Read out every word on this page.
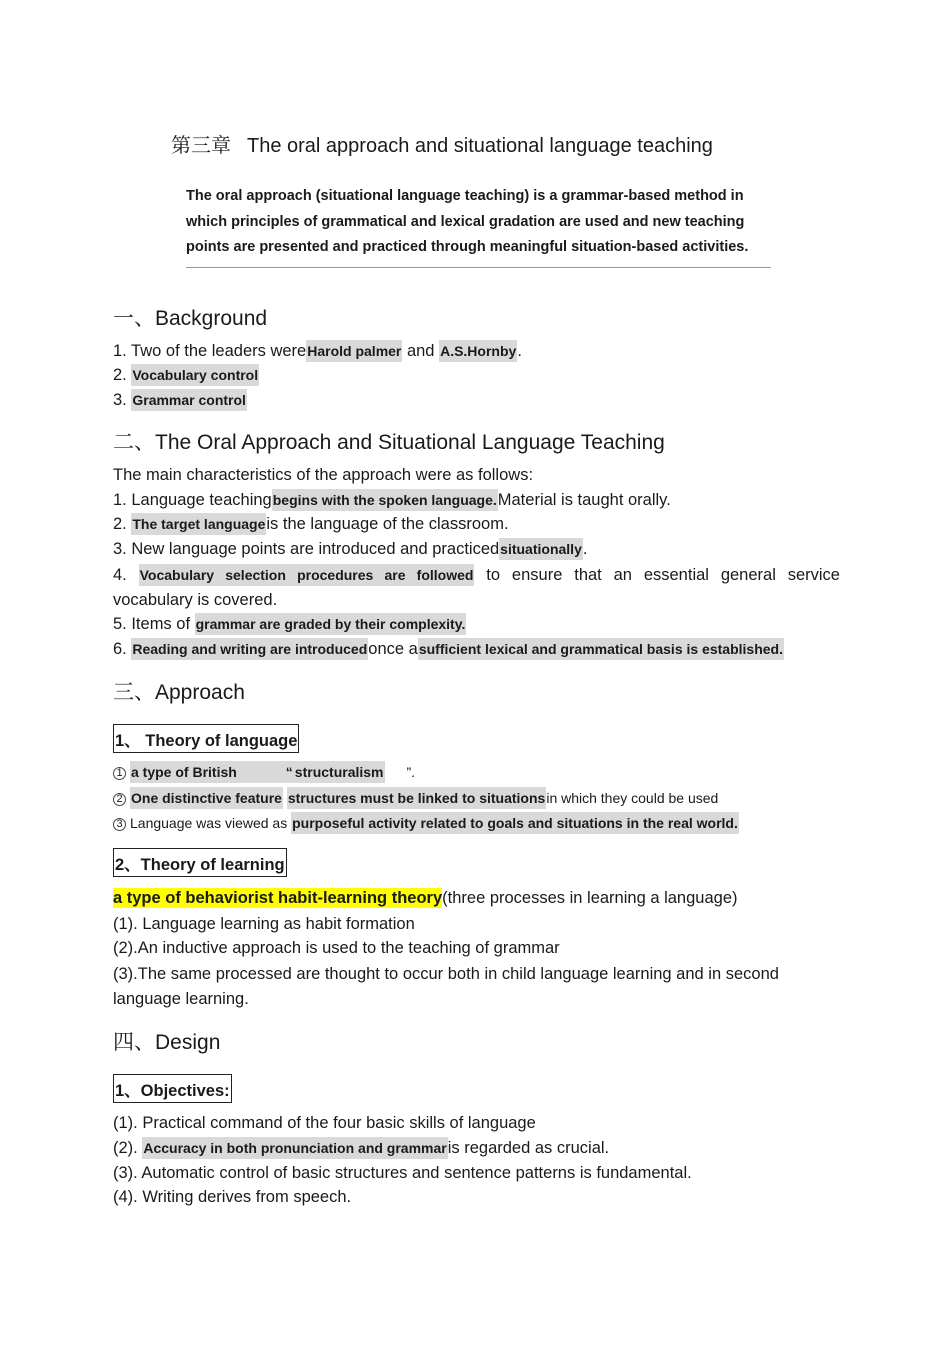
第三章 The oral approach and situational language teaching
The oral approach (situational language teaching) is a grammar-based method in which principles of grammatical and lexical gradation are used and new teaching points are presented and practiced through meaningful situation-based activities.
一、Background
1. Two of the leaders wereHarold palmer and A.S.Hornby.
2. Vocabulary control
3. Grammar control
二、The Oral Approach and Situational Language Teaching
The main characteristics of the approach were as follows:
1. Language teachingbegins with the spoken language.Material is taught orally.
2. The target languageis the language of the classroom.
3. New language points are introduced and practicedsituationally.
4. Vocabulary selection procedures are followed to ensure that an essential general service
vocabulary is covered.
5. Items of grammar are graded by their complexity.
6. Reading and writing are introducedonce asufficient lexical and grammatical basis is established.
三、Approach
1、 Theory of language
1 a type of British	“ structuralism ”.
2 One distinctive feature structures must be linked to situationsin which they could be used
3 Language was viewed as purposeful activity related to goals and situations in the real world.
2、Theory of learning
a type of behaviorist habit-learning theory(three processes in learning a language)
(1). Language learning as habit formation
(2).An inductive approach is used to the teaching of grammar
(3).The same processed are thought to occur both in child language learning and in second language learning.
四、Design
1、Objectives:
(1). Practical command of the four basic skills of language
(2). Accuracy in both pronunciation and grammaris regarded as crucial.
(3). Automatic control of basic structures and sentence patterns is fundamental.
(4). Writing derives from speech.
